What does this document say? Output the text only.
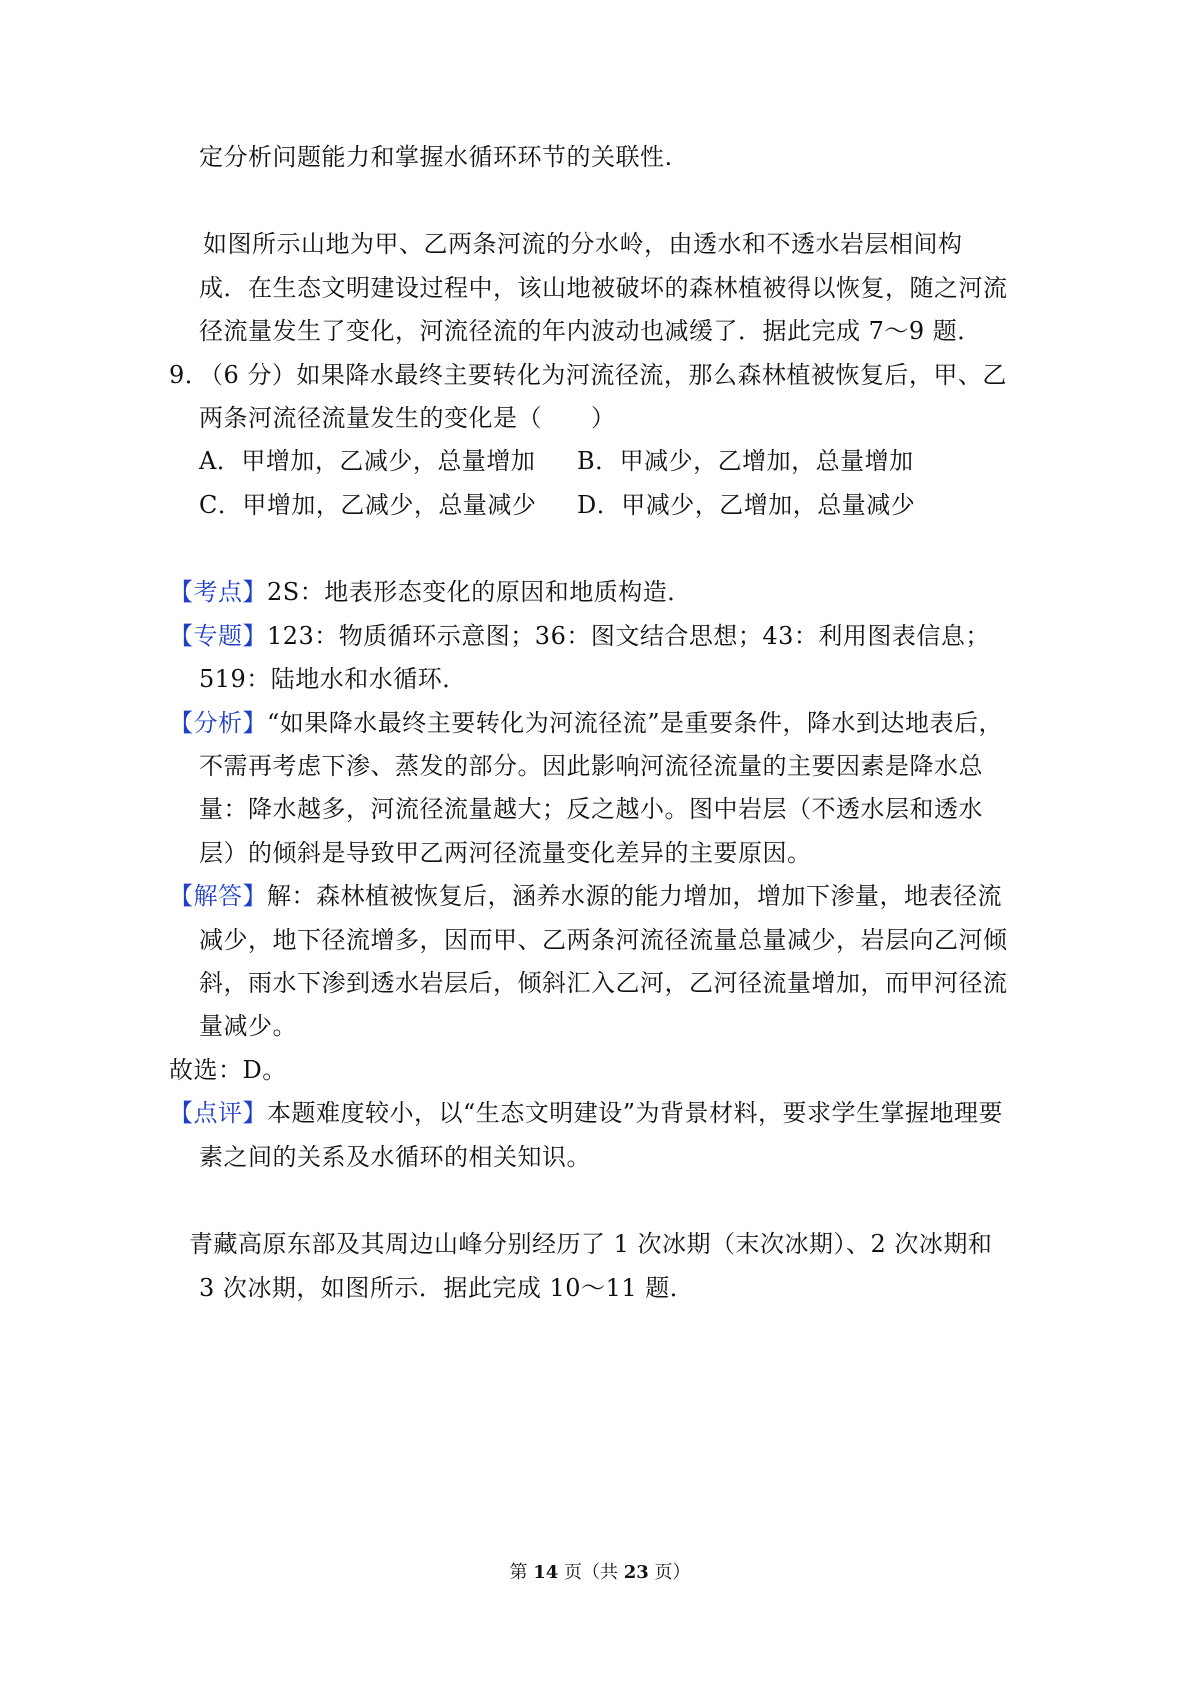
定分析问题能力和掌握水循环环节的关联性.
如图所示山地为甲、乙两条河流的分水岭，由透水和不透水岩层相间构
成．在生态文明建设过程中，该山地被破坏的森林植被得以恢复，随之河流
径流量发生了变化，河流径流的年内波动也减缓了．据此完成 7～9 题．
9．
（6 分）如果降水最终主要转化为河流径流，那么森林植被恢复后，甲、乙
两条河流径流量发生的变化是（　　）
A．甲增加，乙减少，总量增加 B．甲减少，乙增加，总量增加
C．甲增加，乙减少，总量减少 D．甲减少，乙增加，总量减少
【考点】2S：地表形态变化的原因和地质构造．
【专题】123：物质循环示意图；36：图文结合思想；43：利用图表信息；
519：陆地水和水循环．
【分析】“如果降水最终主要转化为河流径流”是重要条件，降水到达地表后，
不需再考虑下渗、蒸发的部分。因此影响河流径流量的主要因素是降水总
量：降水越多，河流径流量越大；反之越小。图中岩层（不透水层和透水
层）的倾斜是导致甲乙两河径流量变化差异的主要原因。
【解答】解：森林植被恢复后，涵养水源的能力增加，增加下渗量，地表径流
减少，地下径流增多，因而甲、乙两条河流径流量总量减少，岩层向乙河倾
斜，雨水下渗到透水岩层后，倾斜汇入乙河，乙河径流量增加，而甲河径流
量减少。
故选：D。
【点评】本题难度较小，以“生态文明建设”为背景材料，要求学生掌握地理要
素之间的关系及水循环的相关知识。
青藏高原东部及其周边山峰分别经历了 1 次冰期（末次冰期）、2 次冰期和
3 次冰期，如图所示．据此完成 10～11 题．
第 14 页（共 23 页）
